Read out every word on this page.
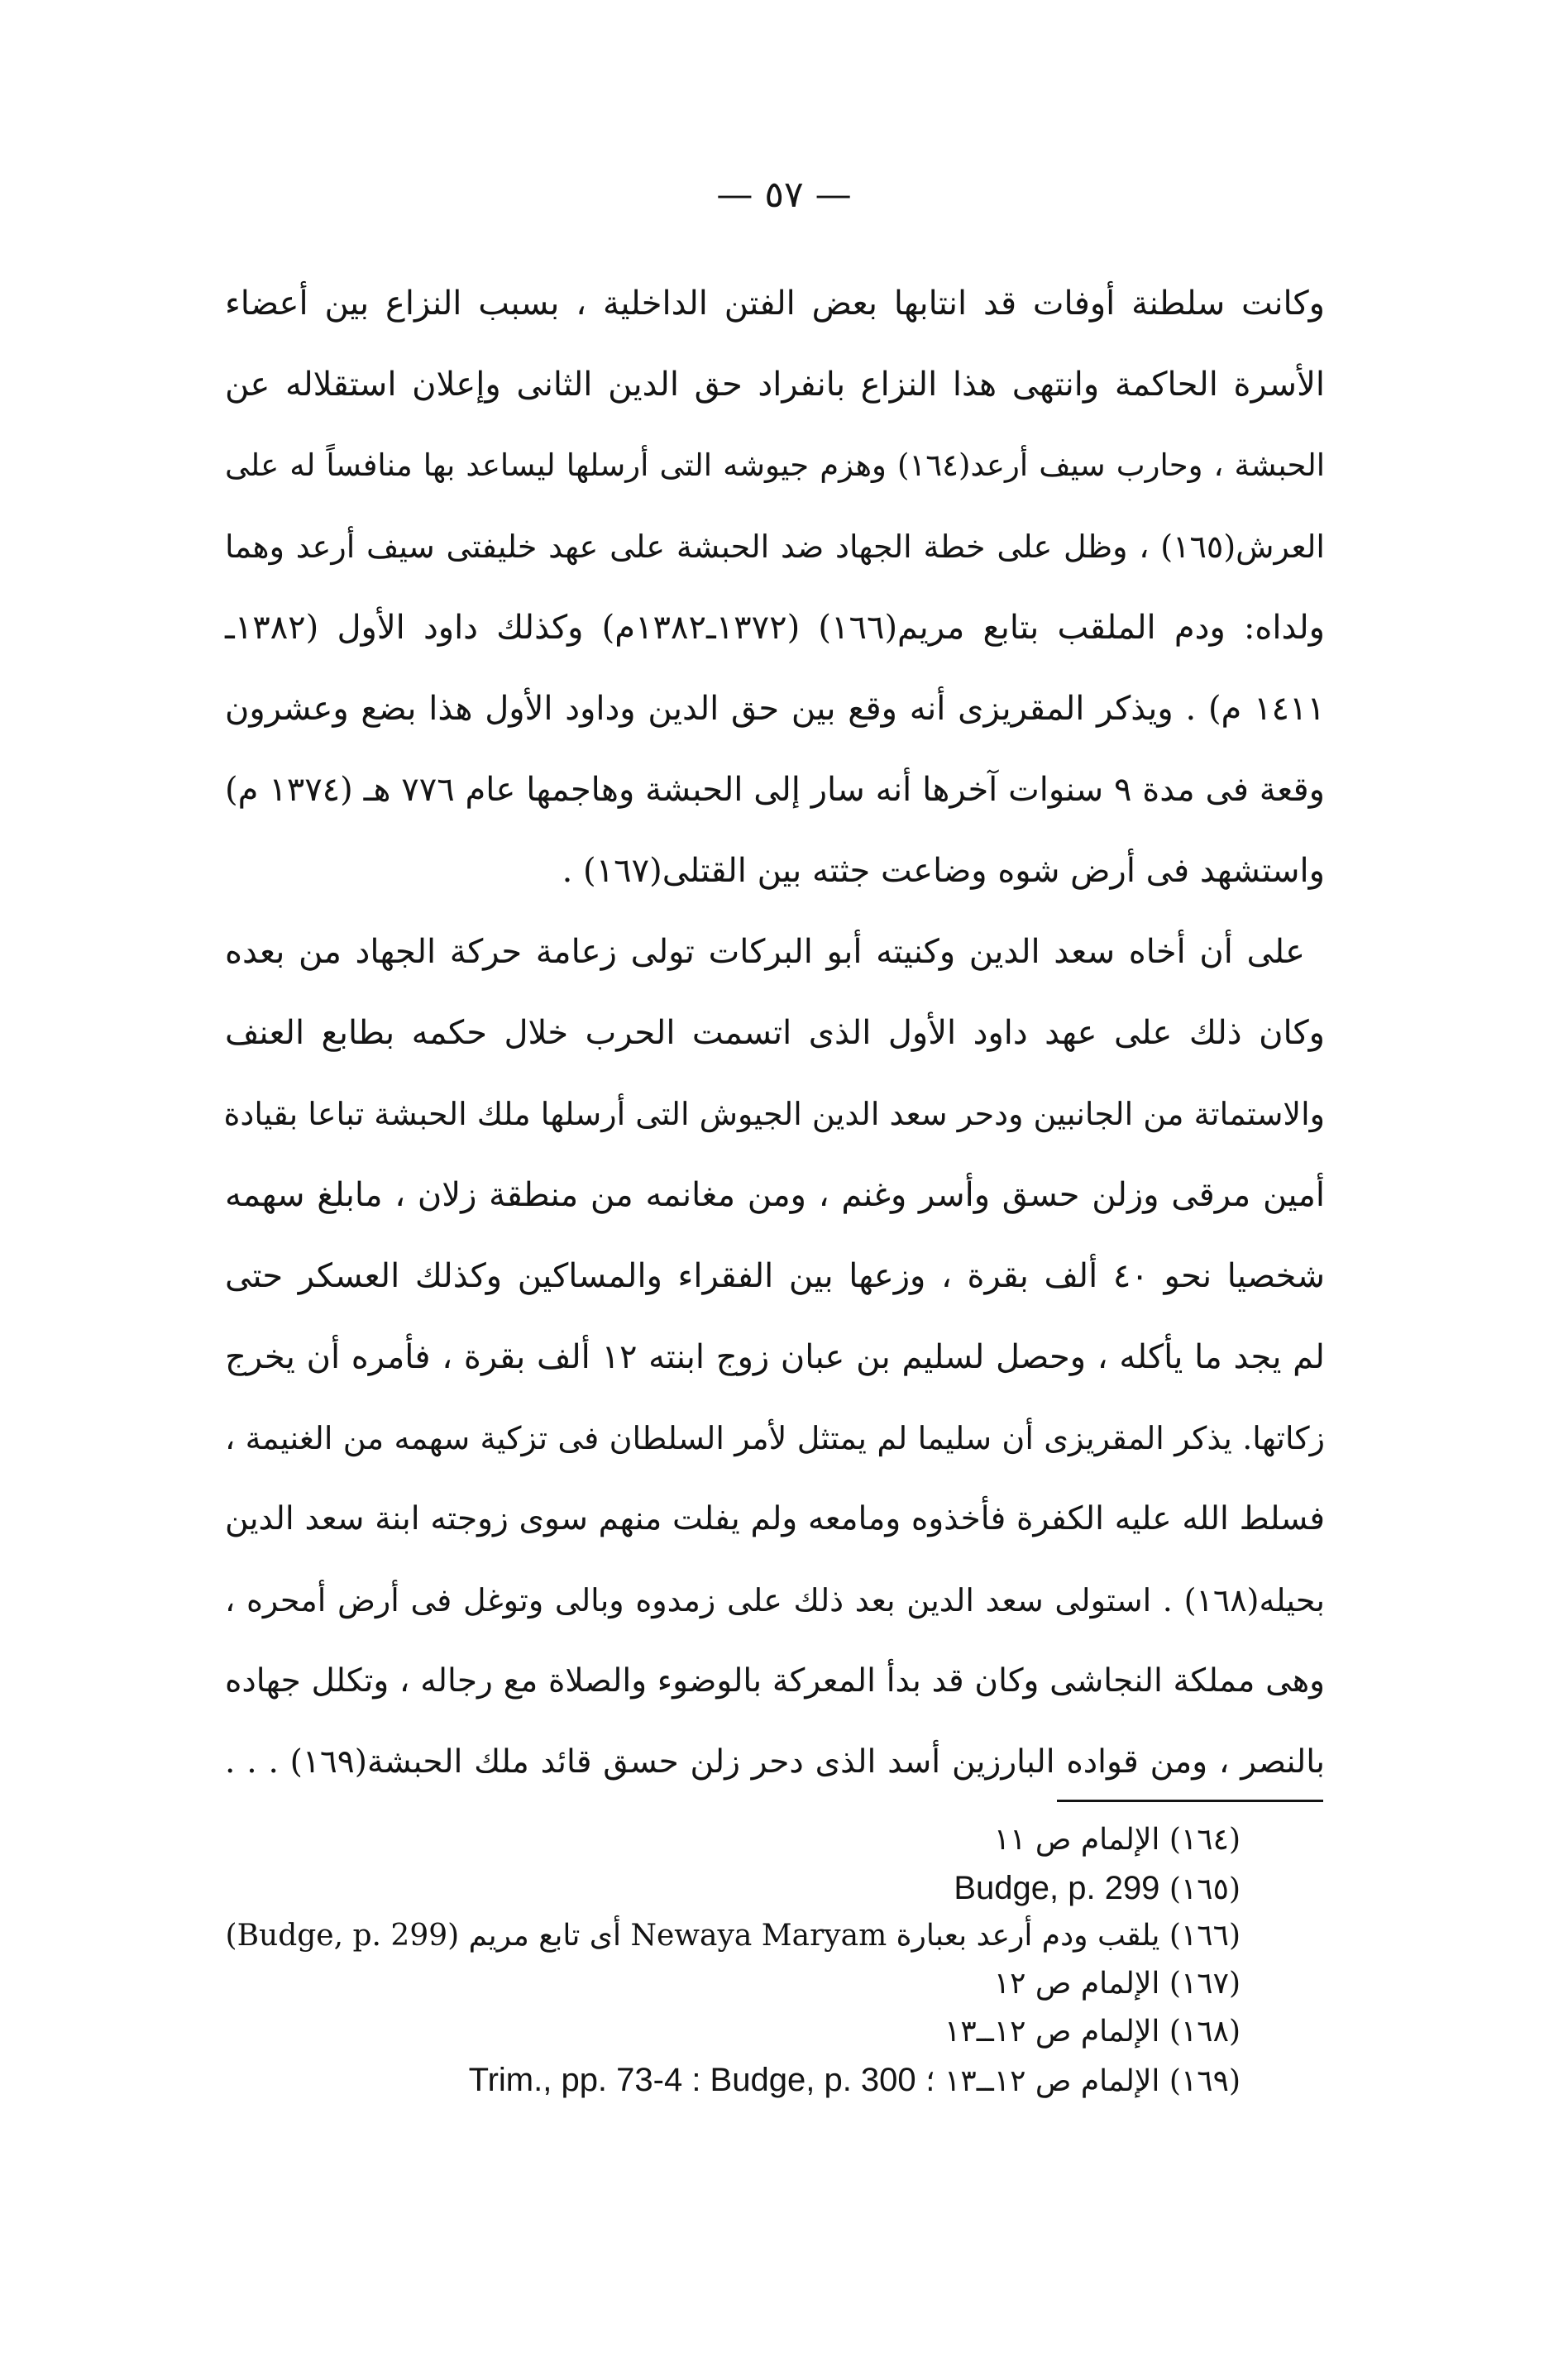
— ٥٧ —
وكانت سلطنة أوفات قد انتابها بعض الفتن الداخلية ، بسبب النزاع بين أعضاء
الأسرة الحاكمة وانتهى هذا النزاع بانفراد حق الدين الثانى وإعلان استقلاله عن
الحبشة ، وحارب سيف أرعد(١٦٤) وهزم جيوشه التى أرسلها ليساعد بها منافساً له على
العرش(١٦٥) ، وظل على خطة الجهاد ضد الحبشة على عهد خليفتى سيف أرعد وهما
ولداه: ودم الملقب بتابع مريم(١٦٦) (١٣٧٢ـ١٣٨٢م) وكذلك داود الأول (١٣٨٢ـ
١٤١١ م) . ويذكر المقريزى أنه وقع بين حق الدين وداود الأول هذا بضع وعشرون
وقعة فى مدة ٩ سنوات آخرها أنه سار إلى الحبشة وهاجمها عام ٧٧٦ هـ (١٣٧٤ م)
واستشهد فى أرض شوه وضاعت جثته بين القتلى(١٦٧) .
على أن أخاه سعد الدين وكنيته أبو البركات تولى زعامة حركة الجهاد من بعده
وكان ذلك على عهد داود الأول الذى اتسمت الحرب خلال حكمه بطابع العنف
والاستماتة من الجانبين ودحر سعد الدين الجيوش التى أرسلها ملك الحبشة تباعا بقيادة
أمين مرقى وزلن حسق وأسر وغنم ، ومن مغانمه من منطقة زلان ، مابلغ سهمه
شخصيا نحو ٤٠ ألف بقرة ، وزعها بين الفقراء والمساكين وكذلك العسكر حتى
لم يجد ما يأكله ، وحصل لسليم بن عبان زوج ابنته ١٢ ألف بقرة ، فأمره أن يخرج
زكاتها. يذكر المقريزى أن سليما لم يمتثل لأمر السلطان فى تزكية سهمه من الغنيمة ،
فسلط الله عليه الكفرة فأخذوه ومامعه ولم يفلت منهم سوى زوجته ابنة سعد الدين
بحيله(١٦٨) . استولى سعد الدين بعد ذلك على زمدوه وبالى وتوغل فى أرض أمحره ،
وهى مملكة النجاشى وكان قد بدأ المعركة بالوضوء والصلاة مع رجاله ، وتكلل جهاده
بالنصر ، ومن قواده البارزين أسد الذى دحر زلن حسق قائد ملك الحبشة(١٦٩) . . .
(١٦٤) الإلمام ص ١١
(١٦٥) Budge, p. 299
(١٦٦) يلقب ودم أرعد بعبارة Newaya Maryam أى تابع مريم (Budge, p. 299)
(١٦٧) الإلمام ص ١٢
(١٦٨) الإلمام ص ١٢ــ١٣
(١٦٩) الإلمام ص ١٢ــ١٣ ؛ Trim., pp. 73-4 : Budge, p. 300
